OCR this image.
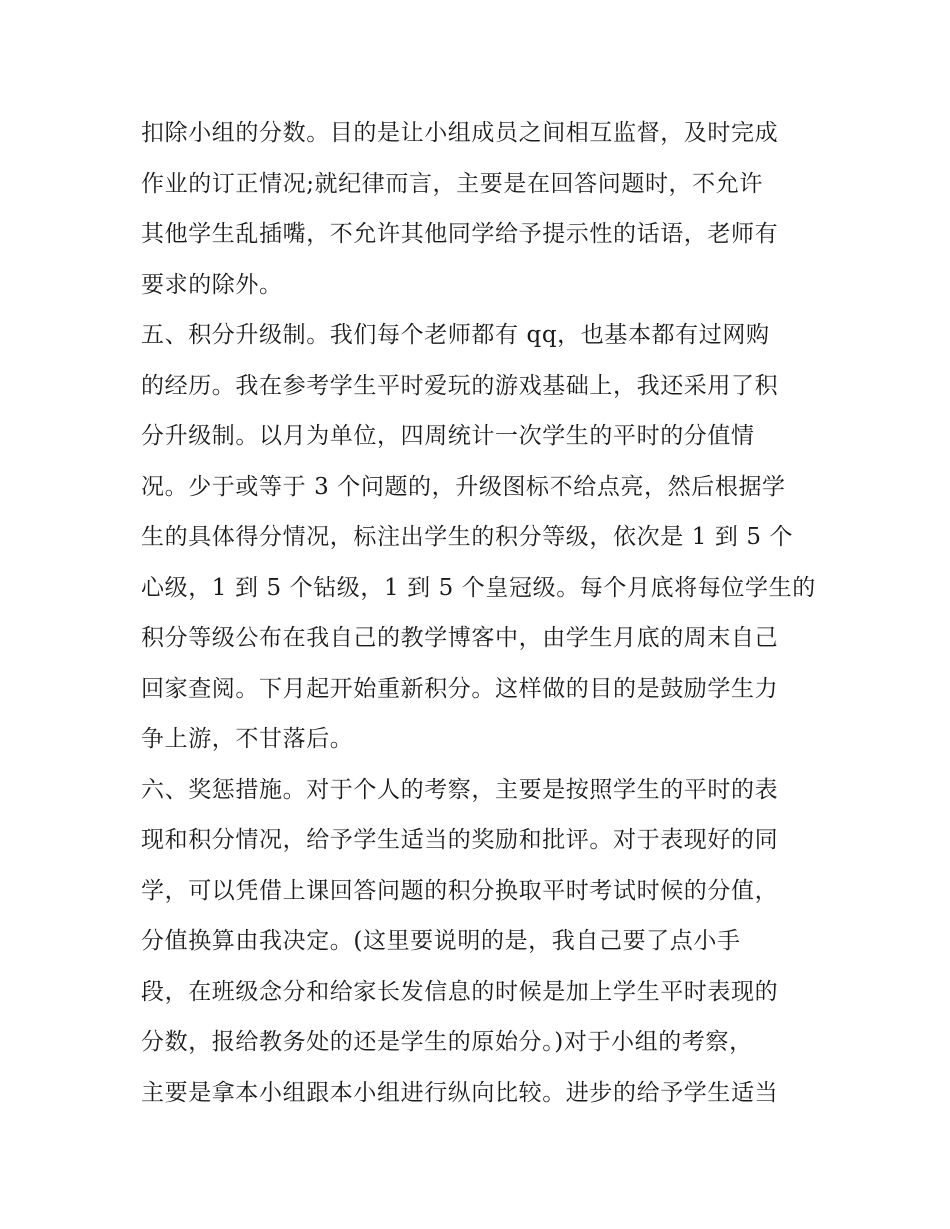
扣除小组的分数。目的是让小组成员之间相互监督，及时完成
作业的订正情况;就纪律而言，主要是在回答问题时，不允许
其他学生乱插嘴，不允许其他同学给予提示性的话语，老师有
要求的除外。
五、积分升级制。我们每个老师都有 qq，也基本都有过网购
的经历。我在参考学生平时爱玩的游戏基础上，我还采用了积
分升级制。以月为单位，四周统计一次学生的平时的分值情
况。少于或等于 3 个问题的，升级图标不给点亮，然后根据学
生的具体得分情况，标注出学生的积分等级，依次是 1 到 5 个
心级，1 到 5 个钻级，1 到 5 个皇冠级。每个月底将每位学生的
积分等级公布在我自己的教学博客中，由学生月底的周末自己
回家查阅。下月起开始重新积分。这样做的目的是鼓励学生力
争上游，不甘落后。
六、奖惩措施。对于个人的考察，主要是按照学生的平时的表
现和积分情况，给予学生适当的奖励和批评。对于表现好的同
学，可以凭借上课回答问题的积分换取平时考试时候的分值，
分值换算由我决定。(这里要说明的是，我自己要了点小手
段，在班级念分和给家长发信息的时候是加上学生平时表现的
分数，报给教务处的还是学生的原始分。)对于小组的考察，
主要是拿本小组跟本小组进行纵向比较。进步的给予学生适当
